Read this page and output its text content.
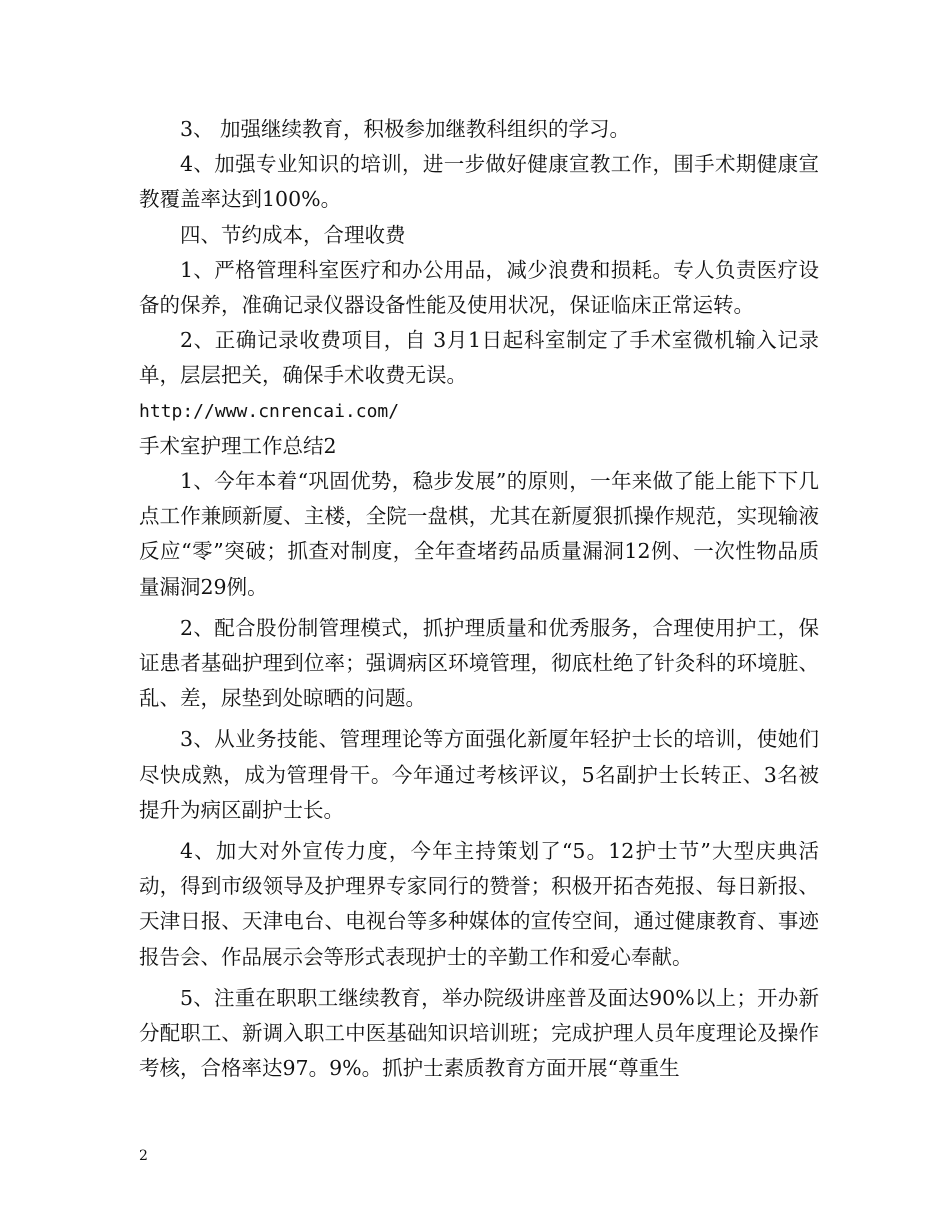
3、 加强继续教育，积极参加继教科组织的学习。

4、加强专业知识的培训，进一步做好健康宣教工作，围手术期健康宣教覆盖率达到100%。

四、节约成本，合理收费

1、严格管理科室医疗和办公用品，减少浪费和损耗。专人负责医疗设备的保养，准确记录仪器设备性能及使用状况，保证临床正常运转。

2、正确记录收费项目，自 3月1日起科室制定了手术室微机输入记录单，层层把关，确保手术收费无误。

http://www.cnrencai.com/

手术室护理工作总结2

1、今年本着“巩固优势，稳步发展”的原则，一年来做了能上能下下几点工作兼顾新厦、主楼，全院一盘棋，尤其在新厦狠抓操作规范，实现输液反应“零”突破；抓查对制度，全年查堵药品质量漏洞12例、一次性物品质量漏洞29例。

2、配合股份制管理模式，抓护理质量和优秀服务，合理使用护工，保证患者基础护理到位率；强调病区环境管理，彻底杜绝了针灸科的环境脏、乱、差，尿垫到处晾晒的问题。

3、从业务技能、管理理论等方面强化新厦年轻护士长的培训，使她们尽快成熟，成为管理骨干。今年通过考核评议，5名副护士长转正、3名被提升为病区副护士长。

4、加大对外宣传力度，今年主持策划了“5。12护士节”大型庆典活动，得到市级领导及护理界专家同行的赞誉；积极开拓杏苑报、每日新报、天津日报、天津电台、电视台等多种媒体的宣传空间，通过健康教育、事迹报告会、作品展示会等形式表现护士的辛勤工作和爱心奉献。

5、注重在职职工继续教育，举办院级讲座普及面达90%以上；开办新分配职工、新调入职工中医基础知识培训班；完成护理人员年度理论及操作考核，合格率达97。9%。抓护士素质教育方面开展“尊重生

2
